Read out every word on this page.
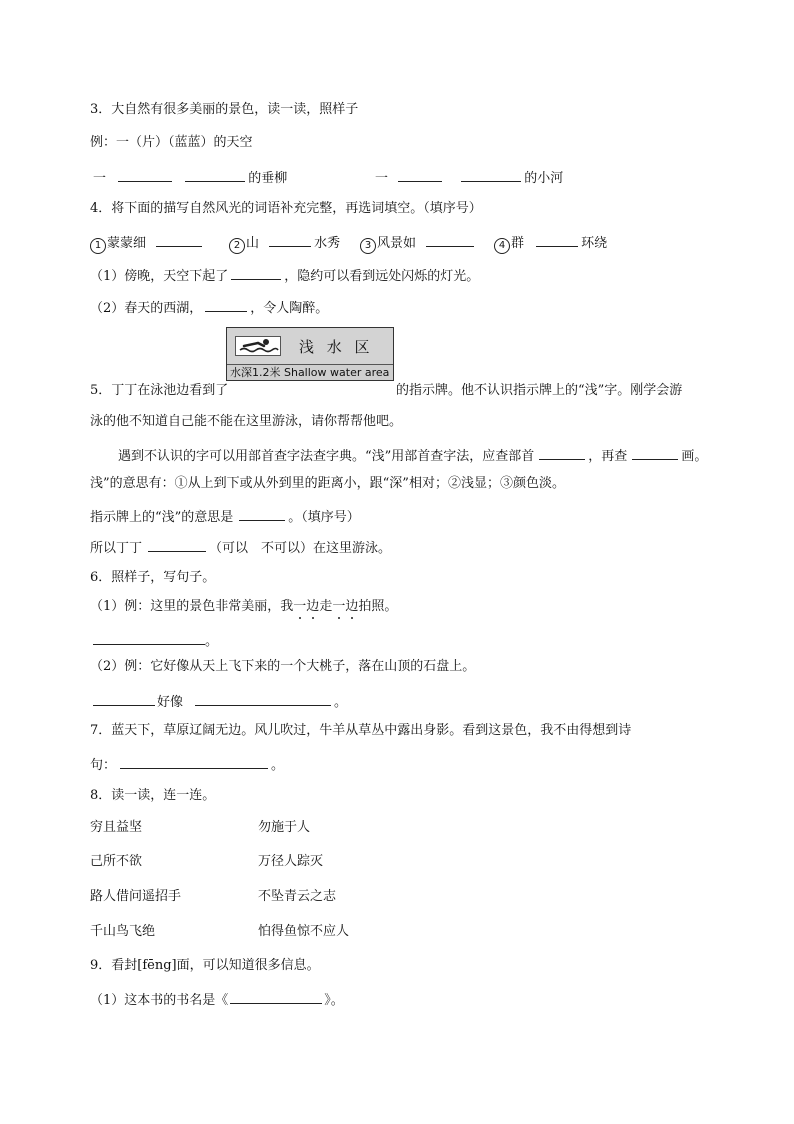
3．大自然有很多美丽的景色，读一读，照样子
例：一（片）（蓝蓝）的天空
一	的垂柳	一	的小河
4．将下面的描写自然风光的词语补充完整，再选词填空。（填序号）
1 蒙蒙细	2 山	水秀	3 风景如	4 群	环绕
（1）傍晚，天空下起了	，隐约可以看到远处闪烁的灯光。
（2）春天的西湖，	，令人陶醉。
浅 水 区
水深1.2米 Shallow water area
5．丁丁在泳池边看到了	的指示牌。他不认识指示牌上的“浅”字。刚学会游
泳的他不知道自己能不能在这里游泳，请你帮帮他吧。
遇到不认识的字可以用部首查字法查字典。“浅”用部首查字法，应查部首	，再查	画。
浅”的意思有：①从上到下或从外到里的距离小，跟“深”相对；②浅显；③颜色淡。
指示牌上的“浅”的意思是	。（填序号）
所以丁丁	（可以　不可以）在这里游泳。
6．照样子，写句子。
（1）例：这里的景色非常美丽，我一边走一边拍照。
。
（2）例：它好像从天上飞下来的一个大桃子，落在山顶的石盘上。
好像	。
7．蓝天下，草原辽阔无边。风儿吹过，牛羊从草丛中露出身影。看到这景色，我不由得想到诗
句：	。
8．读一读，连一连。
穷且益坚	勿施于人
己所不欲	万径人踪灭
路人借问遥招手	不坠青云之志
千山鸟飞绝	怕得鱼惊不应人
9．看封[fēng]面，可以知道很多信息。
（1）这本书的书名是《	》。
